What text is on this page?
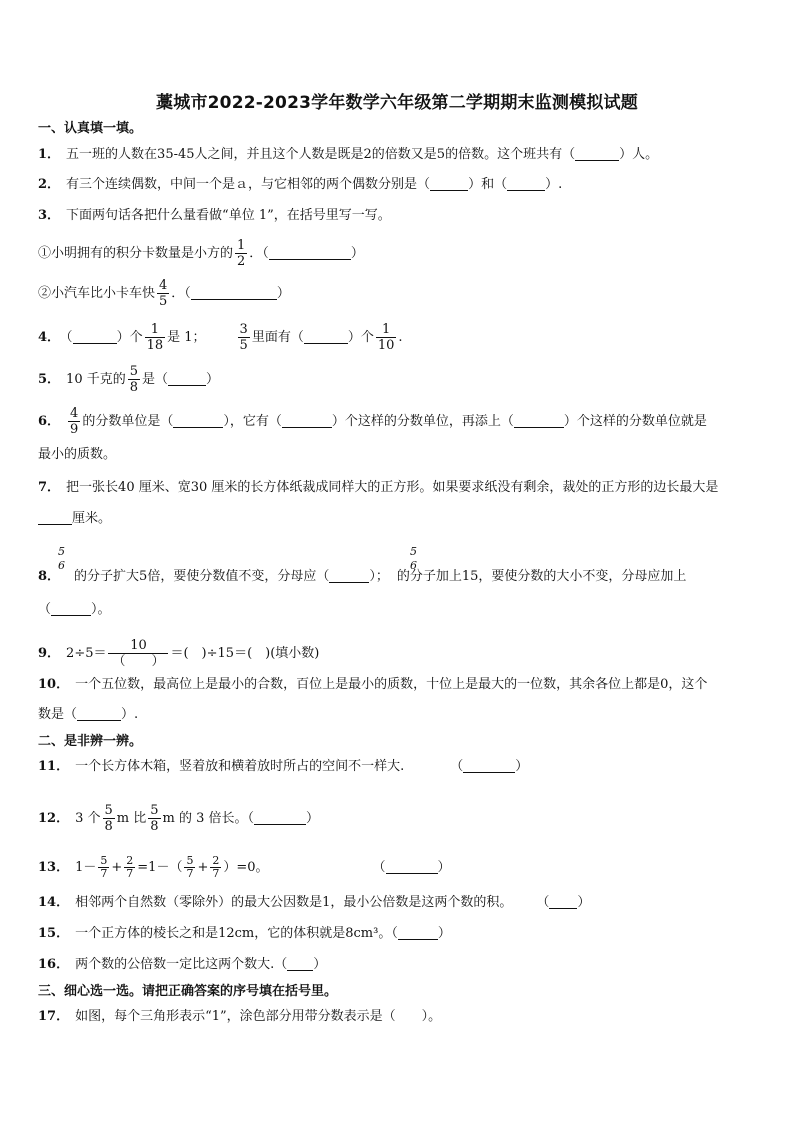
藁城市2022-2023学年数学六年级第二学期期末监测模拟试题
一、认真填一填。
1． 五一班的人数在35-45人之间，并且这个人数是既是2的倍数又是5的倍数。这个班共有（	）人。
2． 有三个连续偶数，中间一个是ａ，与它相邻的两个偶数分别是（	）和（	）.
3． 下面两句话各把什么量看做“单位 1”，在括号里写一写。
①小明拥有的积分卡数量是小方的 $\frac{1}{2}$ ．（	）
②小汽车比小卡车快 $\frac{4}{5}$ ．（	）
4． （	）个 $\frac{1}{18}$ 是 1； $\frac{3}{5}$ 里面有（	）个 $\frac{1}{10}$ .
5． 10 千克的 $\frac{5}{8}$ 是（	）
6． $\frac{4}{9}$ 的分数单位是（	），它有（	）个这样的分数单位，再添上（	）个这样的分数单位就是
最小的质数。
7． 把一张长40 厘米、宽30 厘米的长方体纸裁成同样大的正方形。如果要求纸没有剩余，裁处的正方形的边长最大是
厘米。
5
6
5
6
8． 的分子扩大5倍，要使分数值不变，分母应（	）； 的分子加上15，要使分数的大小不变，分母应加上
（	）。
9． $2\div 5= \frac{10}{( )}$ ＝(　)÷15＝(　)(填小数)
10． 一个五位数，最高位上是最小的合数，百位上是最小的质数，十位上是最大的一位数，其余各位上都是0，这个
数是（	）.
二、是非辨一辨。
11． 一个长方体木箱，竖着放和横着放时所占的空间不一样大.	（	）
12． 3 个 $\frac{5}{8}$ m 比 $\frac{5}{8}$ m 的 3 倍长。（	）
13． $1- \frac{5}{7} + \frac{2}{7} =1-( \frac{5}{7} + \frac{2}{7} )=0$。	（	）
14． 相邻两个自然数（零除外）的最大公因数是1，最小公倍数是这两个数的积。 （ ）
15． 一个正方体的棱长之和是12cm，它的体积就是8cm³。（	）
16． 两个数的公倍数一定比这两个数大.（ ）
三、细心选一选。请把正确答案的序号填在括号里。
17． 如图，每个三角形表示“1”，涂色部分用带分数表示是（　　）。
